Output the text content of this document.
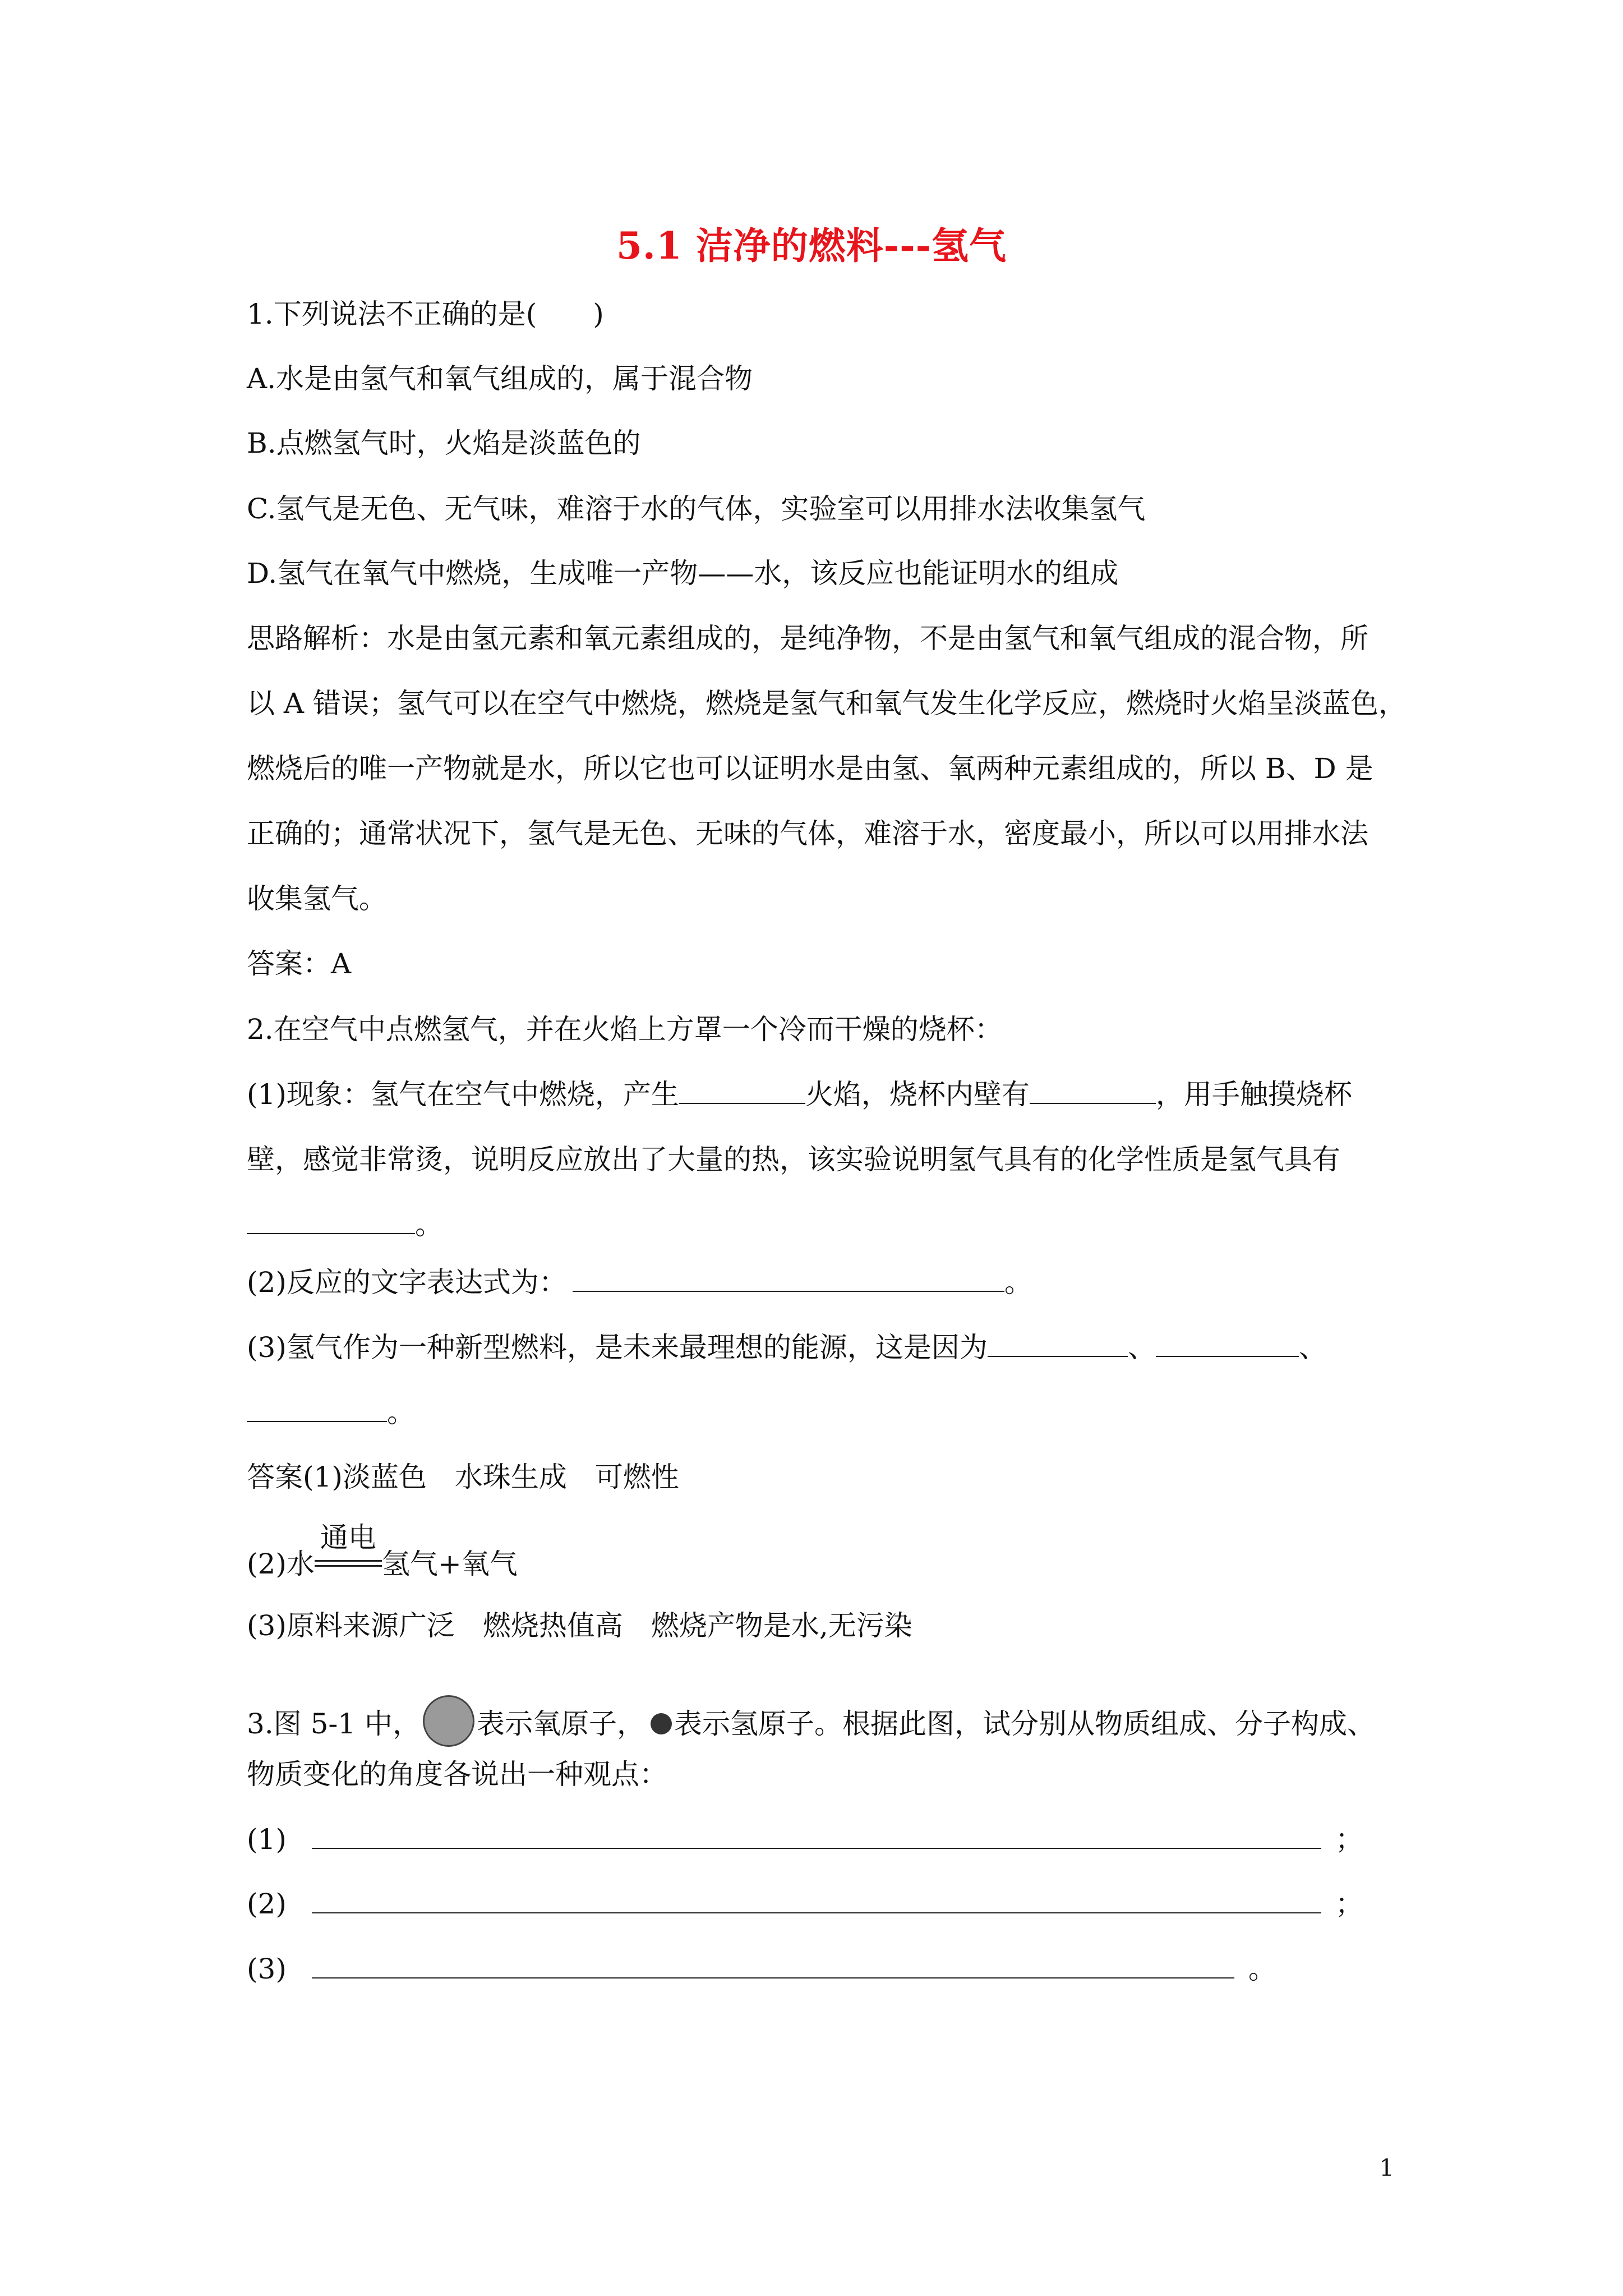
5.1 洁净的燃料---氢气
1.下列说法不正确的是(　　)
A.水是由氢气和氧气组成的，属于混合物
B.点燃氢气时，火焰是淡蓝色的
C.氢气是无色、无气味，难溶于水的气体，实验室可以用排水法收集氢气
D.氢气在氧气中燃烧，生成唯一产物——水，该反应也能证明水的组成
思路解析：水是由氢元素和氧元素组成的，是纯净物，不是由氢气和氧气组成的混合物，所
以 A 错误；氢气可以在空气中燃烧，燃烧是氢气和氧气发生化学反应，燃烧时火焰呈淡蓝色，
燃烧后的唯一产物就是水，所以它也可以证明水是由氢、氧两种元素组成的，所以 B、D 是
正确的；通常状况下，氢气是无色、无味的气体，难溶于水，密度最小，所以可以用排水法
收集氢气。
答案：A
2.在空气中点燃氢气，并在火焰上方罩一个冷而干燥的烧杯：
(1)现象：氢气在空气中燃烧，产生	火焰，烧杯内壁有	，用手触摸烧杯
壁，感觉非常烫，说明反应放出了大量的热，该实验说明氢气具有的化学性质是氢气具有
。
(2)反应的文字表达式为：	。
(3)氢气作为一种新型燃料，是未来最理想的能源，这是因为	、	、
。
答案(1)淡蓝色　水珠生成　可燃性
(2)水
通电
氢气+氧气
(3)原料来源广泛　燃烧热值高　燃烧产物是水,无污染
3.图 5-1 中， 表示氧原子， 表示氢原子。根据此图，试分别从物质组成、分子构成、
物质变化的角度各说出一种观点：
(1)	；
(2)	；
(3)	。
1
